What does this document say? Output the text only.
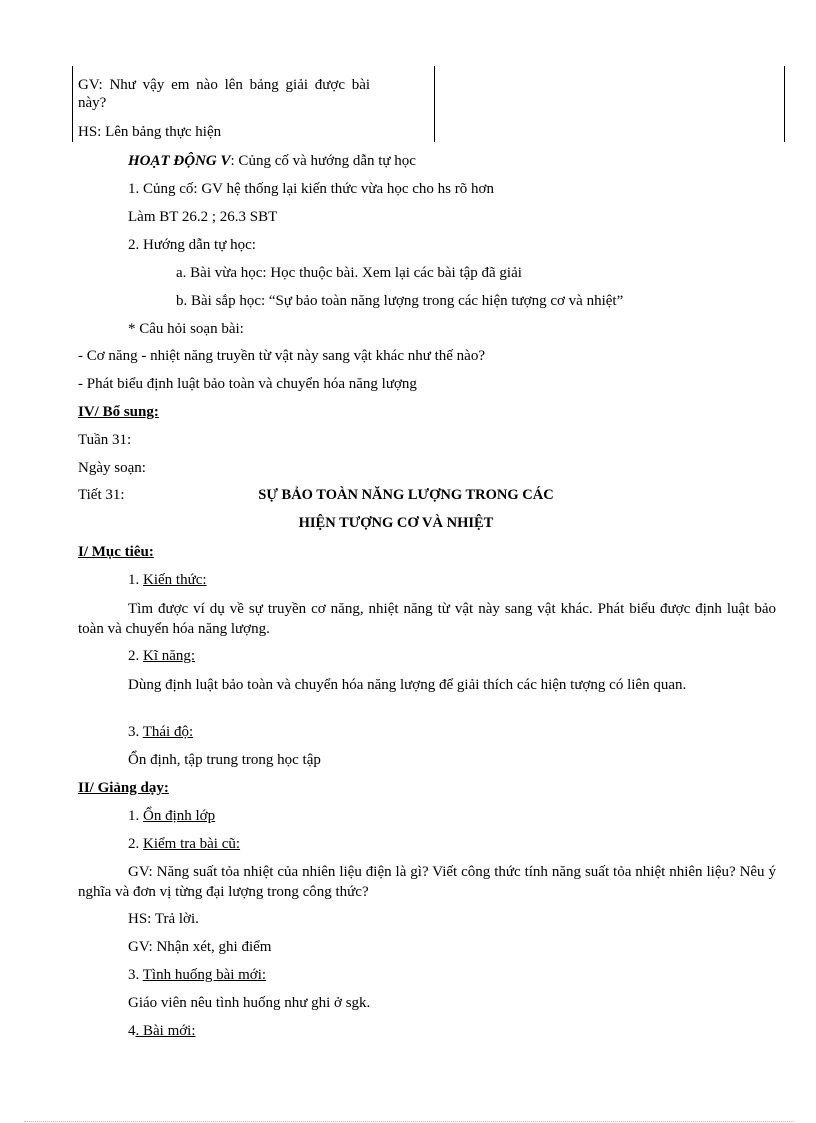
GV: Như vậy em nào lên bảng giải được bài
này?
HS: Lên bảng thực hiện
HOẠT ĐỘNG V: Củng cố và hướng dẫn tự học
1. Củng cố: GV hệ thống lại kiến thức vừa học cho hs rõ hơn
Làm BT 26.2 ; 26.3 SBT
2. Hướng dẫn tự học:
a. Bài vừa học: Học thuộc bài. Xem lại các bài tập đã giải
b. Bài sắp học: “Sự bảo toàn năng lượng trong các hiện tượng cơ và nhiệt”
* Câu hỏi soạn bài:
- Cơ năng - nhiệt năng truyền từ vật này sang vật khác như thế nào?
- Phát biểu định luật bảo toàn và chuyển hóa năng lượng
IV/ Bổ sung:
Tuần 31:
Ngày soạn:
Tiết 31:	SỰ BẢO TOÀN NĂNG LƯỢNG TRONG CÁC
HIỆN TƯỢNG CƠ VÀ NHIỆT
I/ Mục tiêu:
1. Kiến thức:
Tìm được ví dụ về sự truyền cơ năng, nhiệt năng từ vật này sang vật khác. Phát biểu được định luật bảo toàn và chuyển hóa năng lượng.
2. Kĩ năng:
Dùng định luật bảo toàn và chuyển hóa năng lượng để giải thích các hiện tượng có liên quan.
3. Thái độ:
Ổn định, tập trung trong học tập
II/ Giảng dạy:
1. Ổn định lớp
2. Kiểm tra bài cũ:
GV: Năng suất tỏa nhiệt của nhiên liệu điện là gì? Viết công thức tính năng suất tỏa nhiệt nhiên liệu? Nêu ý nghĩa và đơn vị từng đại lượng trong công thức?
HS: Trả lời.
GV: Nhận xét, ghi điểm
3. Tình huống bài mới:
Giáo viên nêu tình huống như ghi ở sgk.
4. Bài mới:
